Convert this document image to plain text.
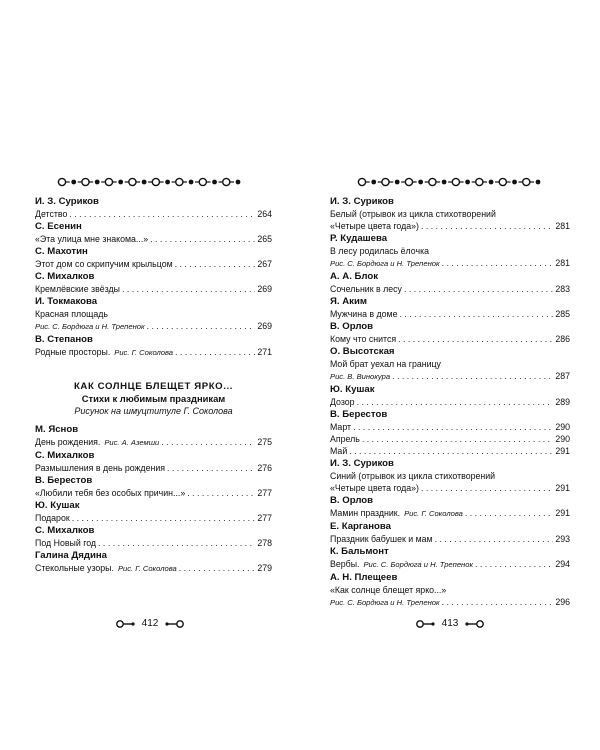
И. З. Суриков
Детство . . .	264
С. Есенин
«Эта улица мне знакома...» . . .	265
С. Махотин
Этот дом со скрипучим крыльцом . . .	267
С. Михалков
Кремлёвские звёзды . . .	269
И. Токмакова
Красная площадь
Рис. С. Бордюга и Н. Трепенок . . .	269
В. Степанов
Родные просторы. Рис. Г. Соколова . . .	271
КАК СОЛНЦЕ БЛЕЩЕТ ЯРКО...
Стихи к любимым праздникам
Рисунок на шмуцтитуле Г. Соколова
М. Яснов
День рождения. Рис. А. Аземши . . .	275
С. Михалков
Размышления в день рождения . . .	276
В. Берестов
«Любили тебя без особых причин...» . . .	277
Ю. Кушак
Подарок . . .	277
С. Михалков
Под Новый год . . .	278
Галина Дядина
Стекольные узоры. Рис. Г. Соколова . . .	279
412
И. З. Суриков
Белый (отрывок из цикла стихотворений
«Четыре цвета года») . . .	281
Р. Кудашева
В лесу родилась ёлочка
Рис. С. Бордюга и Н. Трепенок . . .	281
А. А. Блок
Сочельник в лесу . . .	283
Я. Аким
Мужчина в доме . . .	285
В. Орлов
Кому что снится . . .	286
О. Высотская
Мой брат уехал на границу
Рис. В. Винокура . . .	287
Ю. Кушак
Дозор . . .	289
В. Берестов
Март . . .	290
Апрель . . .	290
Май . . .	291
И. З. Суриков
Синий (отрывок из цикла стихотворений
«Четыре цвета года») . . .	291
В. Орлов
Мамин праздник. Рис. Г. Соколова . . .	291
Е. Карганова
Праздник бабушек и мам . . .	293
К. Бальмонт
Вербы. Рис. С. Бордюга и Н. Трепенок . . .	294
А. Н. Плещеев
«Как солнце блещет ярко...»
Рис. С. Бордюга и Н. Трепенок . . .	296
413
